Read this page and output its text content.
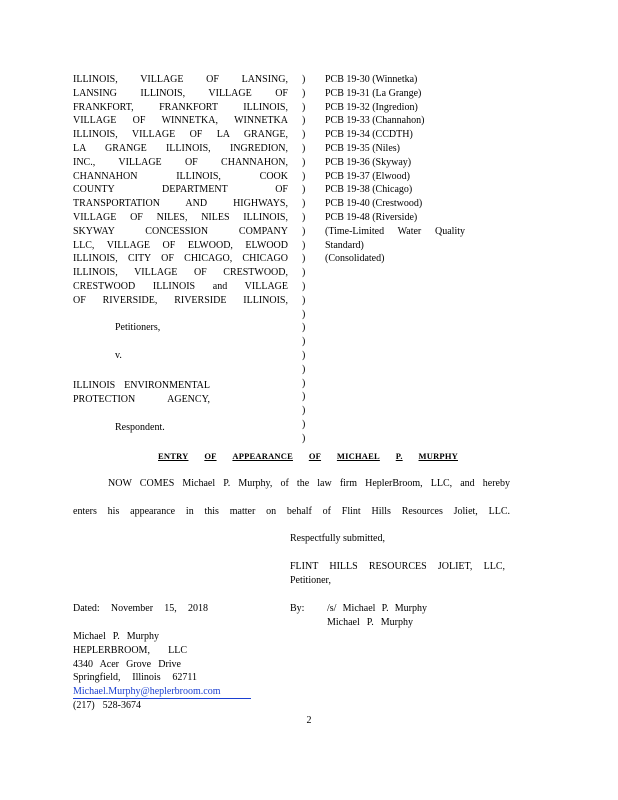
ILLINOIS, VILLAGE OF LANSING,
LANSING ILLINOIS, VILLAGE OF
FRANKFORT, FRANKFORT ILLINOIS,
VILLAGE OF WINNETKA, WINNETKA
ILLINOIS, VILLAGE OF LA GRANGE,
LA GRANGE ILLINOIS, INGREDION,
INC., VILLAGE OF CHANNAHON,
CHANNAHON ILLINOIS, COOK
COUNTY DEPARTMENT OF
TRANSPORTATION AND HIGHWAYS,
VILLAGE OF NILES, NILES ILLINOIS,
SKYWAY CONCESSION COMPANY
LLC, VILLAGE OF ELWOOD, ELWOOD
ILLINOIS, CITY OF CHICAGO, CHICAGO
ILLINOIS, VILLAGE OF CRESTWOOD,
CRESTWOOD ILLINOIS and VILLAGE
OF RIVERSIDE, RIVERSIDE ILLINOIS,
Petitioners,
v.
ILLINOIS ENVIRONMENTAL
PROTECTION AGENCY,
Respondent.
)
)
)
)
)
)
)
)
)
)
)
)
)
)
)
)
)
)
)
)
)
)
)
)
)
)
)
PCB 19-30 (Winnetka)
PCB 19-31 (La Grange)
PCB 19-32 (Ingredion)
PCB 19-33 (Channahon)
PCB 19-34 (CCDTH)
PCB 19-35 (Niles)
PCB 19-36 (Skyway)
PCB 19-37 (Elwood)
PCB 19-38 (Chicago)
PCB 19-40 (Crestwood)
PCB 19-48 (Riverside)
(Time-Limited Water Quality
Standard)
(Consolidated)
ENTRY OF APPEARANCE OF MICHAEL P. MURPHY
NOW COMES Michael P. Murphy, of the law firm HeplerBroom, LLC, and hereby
enters his appearance in this matter on behalf of Flint Hills Resources Joliet, LLC.
Respectfully submitted,
FLINT HILLS RESOURCES JOLIET, LLC,
Petitioner,
Dated: November 15, 2018	By: /s/ Michael P. Murphy
Michael P. Murphy
Michael P. Murphy
HEPLERBROOM, LLC
4340 Acer Grove Drive
Springfield, Illinois 62711
Michael.Murphy@heplerbroom.com
(217) 528-3674
2
